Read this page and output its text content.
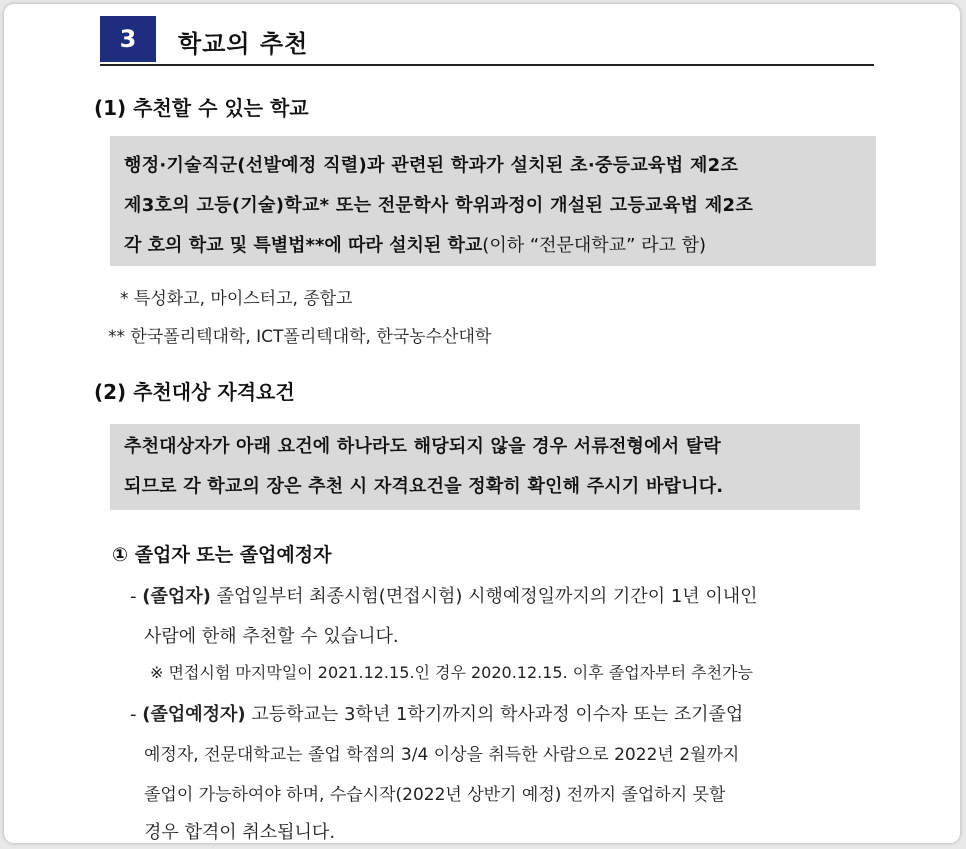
3	학교의 추천
(1) 추천할 수 있는 학교
행정·기술직군(선발예정 직렬)과 관련된 학과가 설치된 초·중등교육법 제2조
제3호의 고등(기술)학교* 또는 전문학사 학위과정이 개설된 고등교육법 제2조
각 호의 학교 및 특별법**에 따라 설치된 학교(이하 “전문대학교” 라고 함)
* 특성화고, 마이스터고, 종합고
** 한국폴리텍대학, ICT폴리텍대학, 한국농수산대학
(2) 추천대상 자격요건
추천대상자가 아래 요건에 하나라도 해당되지 않을 경우 서류전형에서 탈락
되므로 각 학교의 장은 추천 시 자격요건을 정확히 확인해 주시기 바랍니다.
① 졸업자 또는 졸업예정자
- (졸업자) 졸업일부터 최종시험(면접시험) 시행예정일까지의 기간이 1년 이내인
사람에 한해 추천할 수 있습니다.
※ 면접시험 마지막일이 2021.12.15.인 경우 2020.12.15. 이후 졸업자부터 추천가능
- (졸업예정자) 고등학교는 3학년 1학기까지의 학사과정 이수자 또는 조기졸업
예정자, 전문대학교는 졸업 학점의 3/4 이상을 취득한 사람으로 2022년 2월까지
졸업이 가능하여야 하며, 수습시작(2022년 상반기 예정) 전까지 졸업하지 못할
경우 합격이 취소됩니다.
